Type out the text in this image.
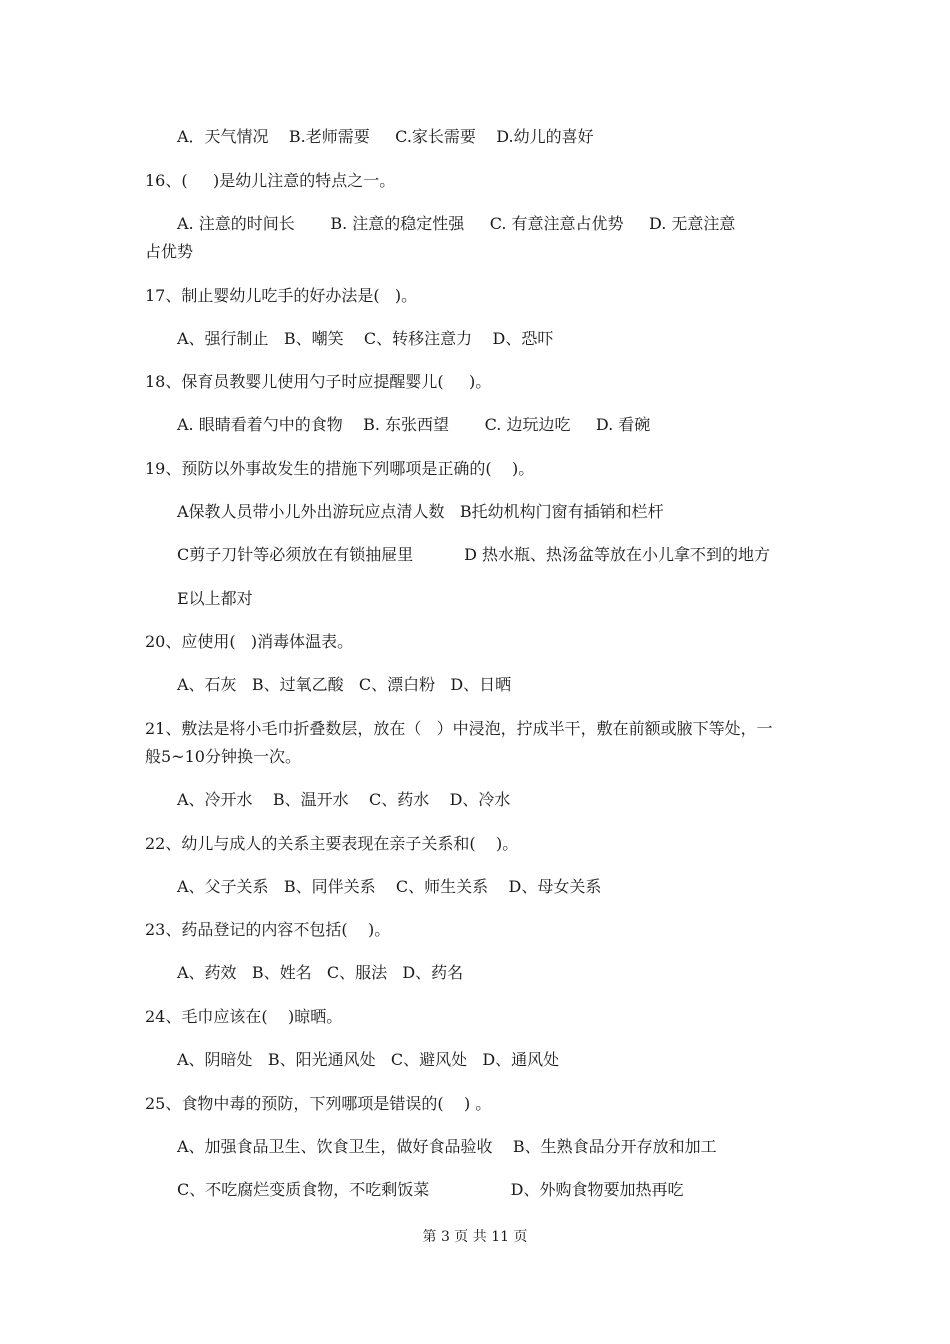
A．天气情况    B.老师需要     C.家长需要    D.幼儿的喜好
16、(     )是幼儿注意的特点之一。
A. 注意的时间长       B. 注意的稳定性强     C. 有意注意占优势     D. 无意注意
占优势
17、制止婴幼儿吃手的好办法是(   )。
A、强行制止   B、嘲笑    C、转移注意力    D、恐吓
18、保育员教婴儿使用勺子时应提醒婴儿(     )。
A. 眼睛看着勺中的食物    B. 东张西望       C. 边玩边吃     D. 看碗
19、预防以外事故发生的措施下列哪项是正确的(    )。
A保教人员带小儿外出游玩应点清人数   B托幼机构门窗有插销和栏杆
C剪子刀针等必须放在有锁抽屉里          D 热水瓶、热汤盆等放在小儿拿不到的地方
E以上都对
20、应使用(   )消毒体温表。
A、石灰   B、过氧乙酸   C、漂白粉   D、日晒
21、敷法是将小毛巾折叠数层，放在（   ）中浸泡，拧成半干，敷在前额或腋下等处，一
般5~10分钟换一次。
A、冷开水    B、温开水    C、药水    D、冷水
22、幼儿与成人的关系主要表现在亲子关系和(    )。
A、父子关系   B、同伴关系    C、师生关系    D、母女关系
23、药品登记的内容不包括(    )。
A、药效   B、姓名   C、服法   D、药名
24、毛巾应该在(    )晾晒。
A、阴暗处   B、阳光通风处   C、避风处   D、通风处
25、食物中毒的预防，下列哪项是错误的(    ) 。
A、加强食品卫生、饮食卫生，做好食品验收    B、生熟食品分开存放和加工
C、不吃腐烂变质食物，不吃剩饭菜                D、外购食物要加热再吃
第 3 页 共 11 页
